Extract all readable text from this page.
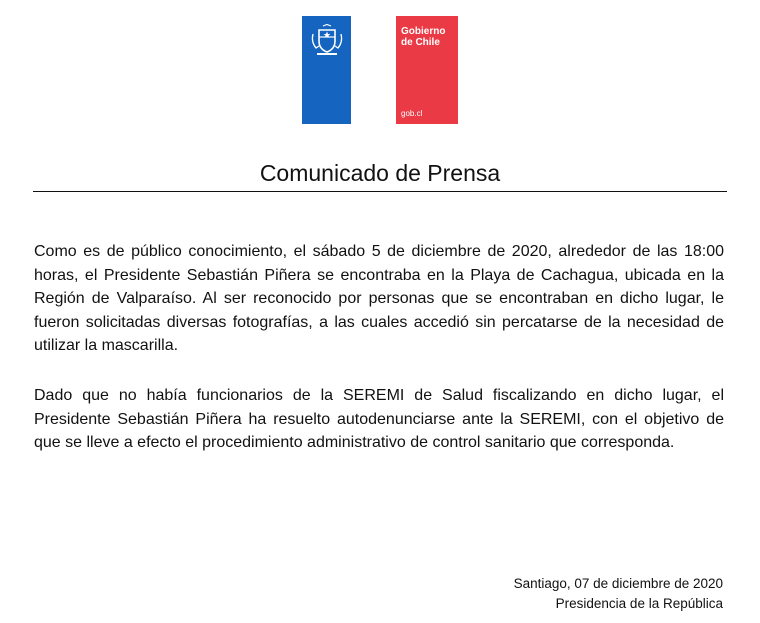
Gobierno
de Chile
gob.cl
Comunicado de Prensa

Como es de público conocimiento, el sábado 5 de diciembre de 2020, alrededor de las 18:00 horas, el Presidente Sebastián Piñera se encontraba en la Playa de Cachagua, ubicada en la Región de Valparaíso. Al ser reconocido por personas que se encontraban en dicho lugar, le fueron solicitadas diversas fotografías, a las cuales accedió sin percatarse de la necesidad de utilizar la mascarilla.

Dado que no había funcionarios de la SEREMI de Salud fiscalizando en dicho lugar, el Presidente Sebastián Piñera ha resuelto autodenunciarse ante la SEREMI, con el objetivo de que se lleve a efecto el procedimiento administrativo de control sanitario que corresponda.

Santiago, 07 de diciembre de 2020
Presidencia de la República
